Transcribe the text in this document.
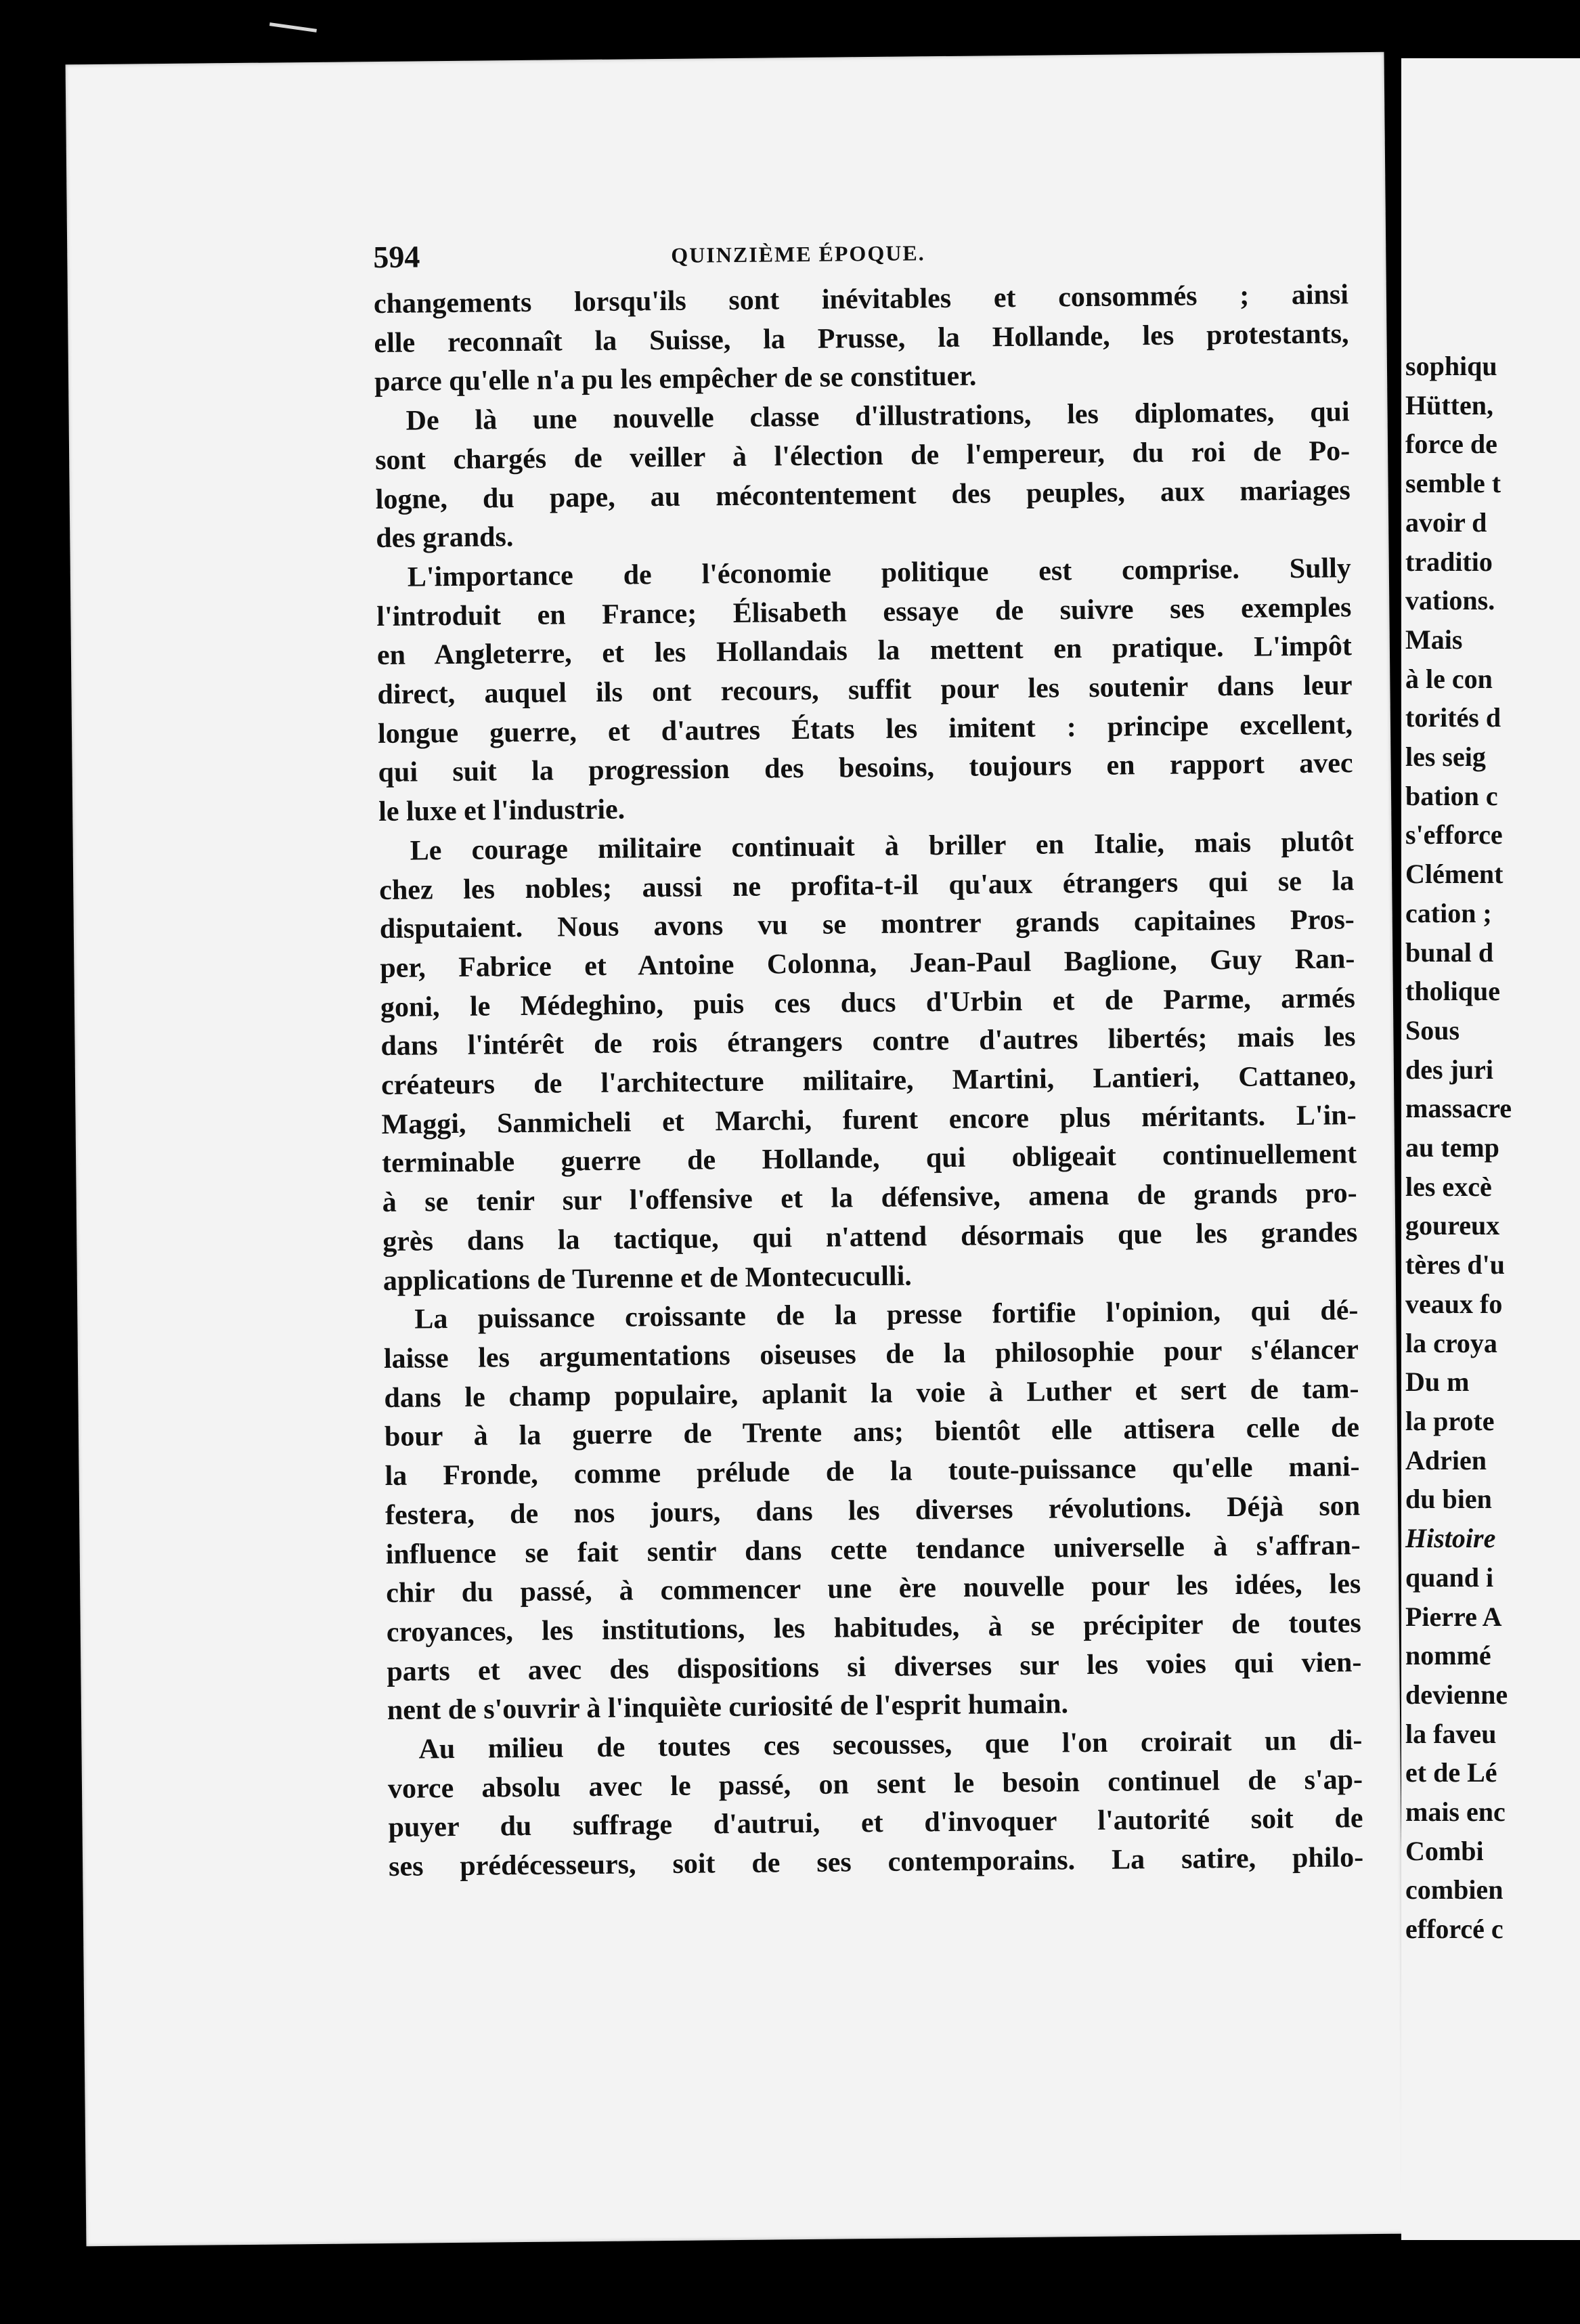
594	QUINZIÈME ÉPOQUE.
changements lorsqu'ils sont inévitables et consommés ; ainsi
elle reconnaît la Suisse, la Prusse, la Hollande, les protestants,
parce qu'elle n'a pu les empêcher de se constituer.
De là une nouvelle classe d'illustrations, les diplomates, qui
sont chargés de veiller à l'élection de l'empereur, du roi de Po-
logne, du pape, au mécontentement des peuples, aux mariages
des grands.
L'importance de l'économie politique est comprise. Sully
l'introduit en France; Élisabeth essaye de suivre ses exemples
en Angleterre, et les Hollandais la mettent en pratique. L'impôt
direct, auquel ils ont recours, suffit pour les soutenir dans leur
longue guerre, et d'autres États les imitent : principe excellent,
qui suit la progression des besoins, toujours en rapport avec
le luxe et l'industrie.
Le courage militaire continuait à briller en Italie, mais plutôt
chez les nobles; aussi ne profita-t-il qu'aux étrangers qui se la
disputaient. Nous avons vu se montrer grands capitaines Pros-
per, Fabrice et Antoine Colonna, Jean-Paul Baglione, Guy Ran-
goni, le Médeghino, puis ces ducs d'Urbin et de Parme, armés
dans l'intérêt de rois étrangers contre d'autres libertés; mais les
créateurs de l'architecture militaire, Martini, Lantieri, Cattaneo,
Maggi, Sanmicheli et Marchi, furent encore plus méritants. L'in-
terminable guerre de Hollande, qui obligeait continuellement
à se tenir sur l'offensive et la défensive, amena de grands pro-
grès dans la tactique, qui n'attend désormais que les grandes
applications de Turenne et de Montecuculli.
La puissance croissante de la presse fortifie l'opinion, qui dé-
laisse les argumentations oiseuses de la philosophie pour s'élancer
dans le champ populaire, aplanit la voie à Luther et sert de tam-
bour à la guerre de Trente ans; bientôt elle attisera celle de
la Fronde, comme prélude de la toute-puissance qu'elle mani-
festera, de nos jours, dans les diverses révolutions. Déjà son
influence se fait sentir dans cette tendance universelle à s'affran-
chir du passé, à commencer une ère nouvelle pour les idées, les
croyances, les institutions, les habitudes, à se précipiter de toutes
parts et avec des dispositions si diverses sur les voies qui vien-
nent de s'ouvrir à l'inquiète curiosité de l'esprit humain.
Au milieu de toutes ces secousses, que l'on croirait un di-
vorce absolu avec le passé, on sent le besoin continuel de s'ap-
puyer du suffrage d'autrui, et d'invoquer l'autorité soit de
ses prédécesseurs, soit de ses contemporains. La satire, philo-
sophiqu
Hütten,
force de
semble t
avoir d
traditio
vations.
Mais
à le con
torités d
les seig
bation c
s'efforce
Clément
cation ;
bunal d
tholique
Sous
des juri
massacre
au temp
les excè
goureux
tères d'u
veaux fo
la croya
Du m
la prote
Adrien
du bien
Histoire
quand i
Pierre A
nommé
devienne
la faveu
et de Lé
mais enc
Combi
combien
efforcé c
